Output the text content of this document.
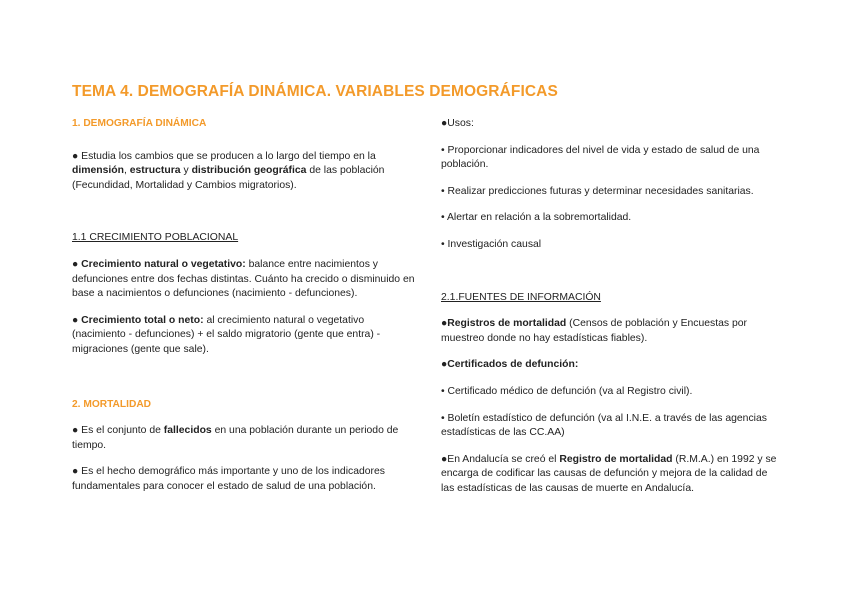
TEMA 4. DEMOGRAFÍA DINÁMICA. VARIABLES DEMOGRÁFICAS

1. DEMOGRAFÍA DINÁMICA

● Estudia los cambios que se producen a lo largo del tiempo en la dimensión, estructura y distribución geográfica de las población (Fecundidad, Mortalidad y Cambios migratorios).

1.1 CRECIMIENTO POBLACIONAL

● Crecimiento natural o vegetativo: balance entre nacimientos y defunciones entre dos fechas distintas. Cuánto ha crecido o disminuido en base a nacimientos o defunciones (nacimiento - defunciones).

● Crecimiento total o neto: al crecimiento natural o vegetativo (nacimiento - defunciones) + el saldo migratorio (gente que entra) - migraciones (gente que sale).

2. MORTALIDAD

● Es el conjunto de fallecidos en una población durante un periodo de tiempo.

● Es el hecho demográfico más importante y uno de los indicadores fundamentales para conocer el estado de salud de una población.

●Usos:

• Proporcionar indicadores del nivel de vida y estado de salud de una población.

• Realizar predicciones futuras y determinar necesidades sanitarias.

• Alertar en relación a la sobremortalidad.

• Investigación causal

2.1.FUENTES DE INFORMACIÓN

●Registros de mortalidad (Censos de población y Encuestas por muestreo donde no hay estadísticas fiables).

●Certificados de defunción:

• Certificado médico de defunción (va al Registro civil).

• Boletín estadístico de defunción (va al I.N.E. a través de las agencias estadísticas de las CC.AA)

●En Andalucía se creó el Registro de mortalidad (R.M.A.) en 1992 y se encarga de codificar las causas de defunción y mejora de la calidad de las estadísticas de las causas de muerte en Andalucía.
